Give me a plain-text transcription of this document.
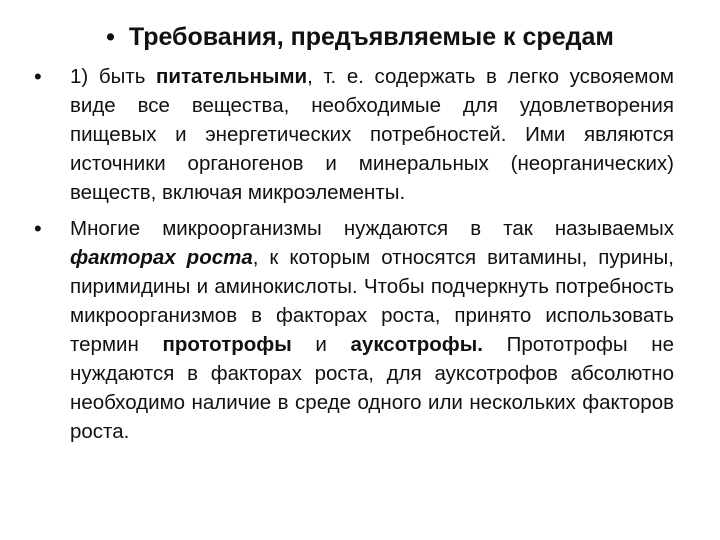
• Требования, предъявляемые к средам
•	1) быть питательными, т. е. содержать в легко усвояемом виде все вещества, необходимые для удовлетворения пищевых и энергетических потребностей. Ими являются источники органогенов и минеральных (неорганических) веществ, включая микроэлементы.
•	Многие микроорганизмы нуждаются в так называемых факторах роста, к которым относятся витамины, пурины, пиримидины и аминокислоты. Чтобы подчеркнуть потребность микроорганизмов в факторах роста, принято использовать термин прототрофы и ауксотрофы. Прототрофы не нуждаются в факторах роста, для ауксотрофов абсолютно необходимо наличие в среде одного или нескольких факторов роста.
